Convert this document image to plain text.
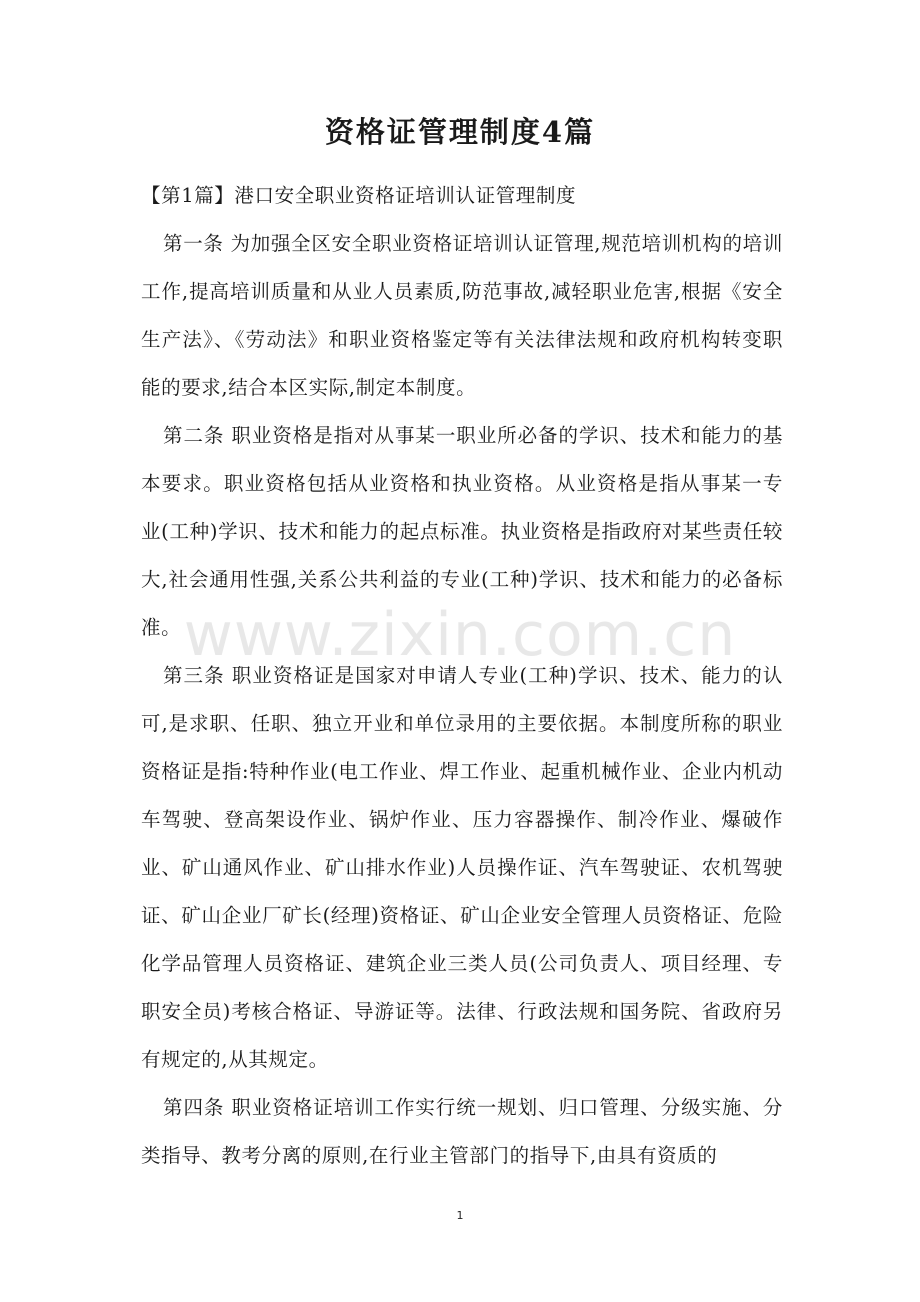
资格证管理制度4篇

【第1篇】港口安全职业资格证培训认证管理制度

第一条 为加强全区安全职业资格证培训认证管理,规范培训机构的培训工作,提高培训质量和从业人员素质,防范事故,减轻职业危害,根据《安全生产法》、《劳动法》和职业资格鉴定等有关法律法规和政府机构转变职能的要求,结合本区实际,制定本制度。

第二条 职业资格是指对从事某一职业所必备的学识、技术和能力的基本要求。职业资格包括从业资格和执业资格。从业资格是指从事某一专业(工种)学识、技术和能力的起点标准。执业资格是指政府对某些责任较大,社会通用性强,关系公共利益的专业(工种)学识、技术和能力的必备标准。

第三条 职业资格证是国家对申请人专业(工种)学识、技术、能力的认可,是求职、任职、独立开业和单位录用的主要依据。本制度所称的职业资格证是指:特种作业(电工作业、焊工作业、起重机械作业、企业内机动车驾驶、登高架设作业、锅炉作业、压力容器操作、制冷作业、爆破作业、矿山通风作业、矿山排水作业)人员操作证、汽车驾驶证、农机驾驶证、矿山企业厂矿长(经理)资格证、矿山企业安全管理人员资格证、危险化学品管理人员资格证、建筑企业三类人员(公司负责人、项目经理、专职安全员)考核合格证、导游证等。法律、行政法规和国务院、省政府另有规定的,从其规定。

第四条 职业资格证培训工作实行统一规划、归口管理、分级实施、分类指导、教考分离的原则,在行业主管部门的指导下,由具有资质的

www.zixin.com.cn
1
